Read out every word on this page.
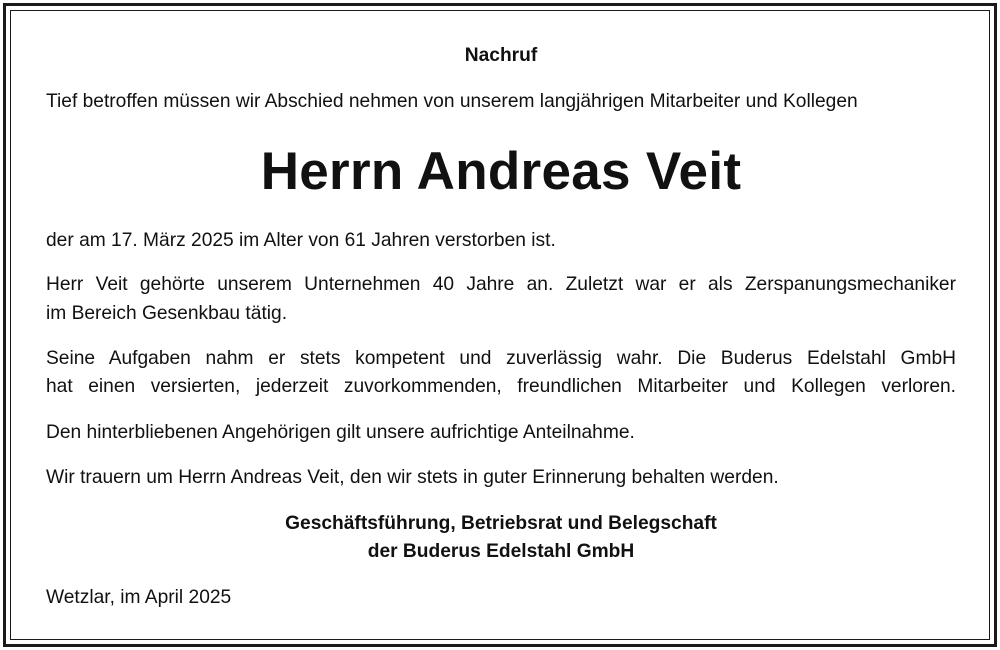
Nachruf
Tief betroffen müssen wir Abschied nehmen von unserem langjährigen Mitarbeiter und Kollegen
Herrn Andreas Veit
der am 17. März 2025 im Alter von 61 Jahren verstorben ist.
Herr Veit gehörte unserem Unternehmen 40 Jahre an. Zuletzt war er als Zerspanungsmechaniker
im Bereich Gesenkbau tätig.
Seine Aufgaben nahm er stets kompetent und zuverlässig wahr. Die Buderus Edelstahl GmbH
hat einen versierten, jederzeit zuvorkommenden, freundlichen Mitarbeiter und Kollegen verloren.
Den hinterbliebenen Angehörigen gilt unsere aufrichtige Anteilnahme.
Wir trauern um Herrn Andreas Veit, den wir stets in guter Erinnerung behalten werden.
Geschäftsführung, Betriebsrat und Belegschaft
der Buderus Edelstahl GmbH
Wetzlar, im April 2025
